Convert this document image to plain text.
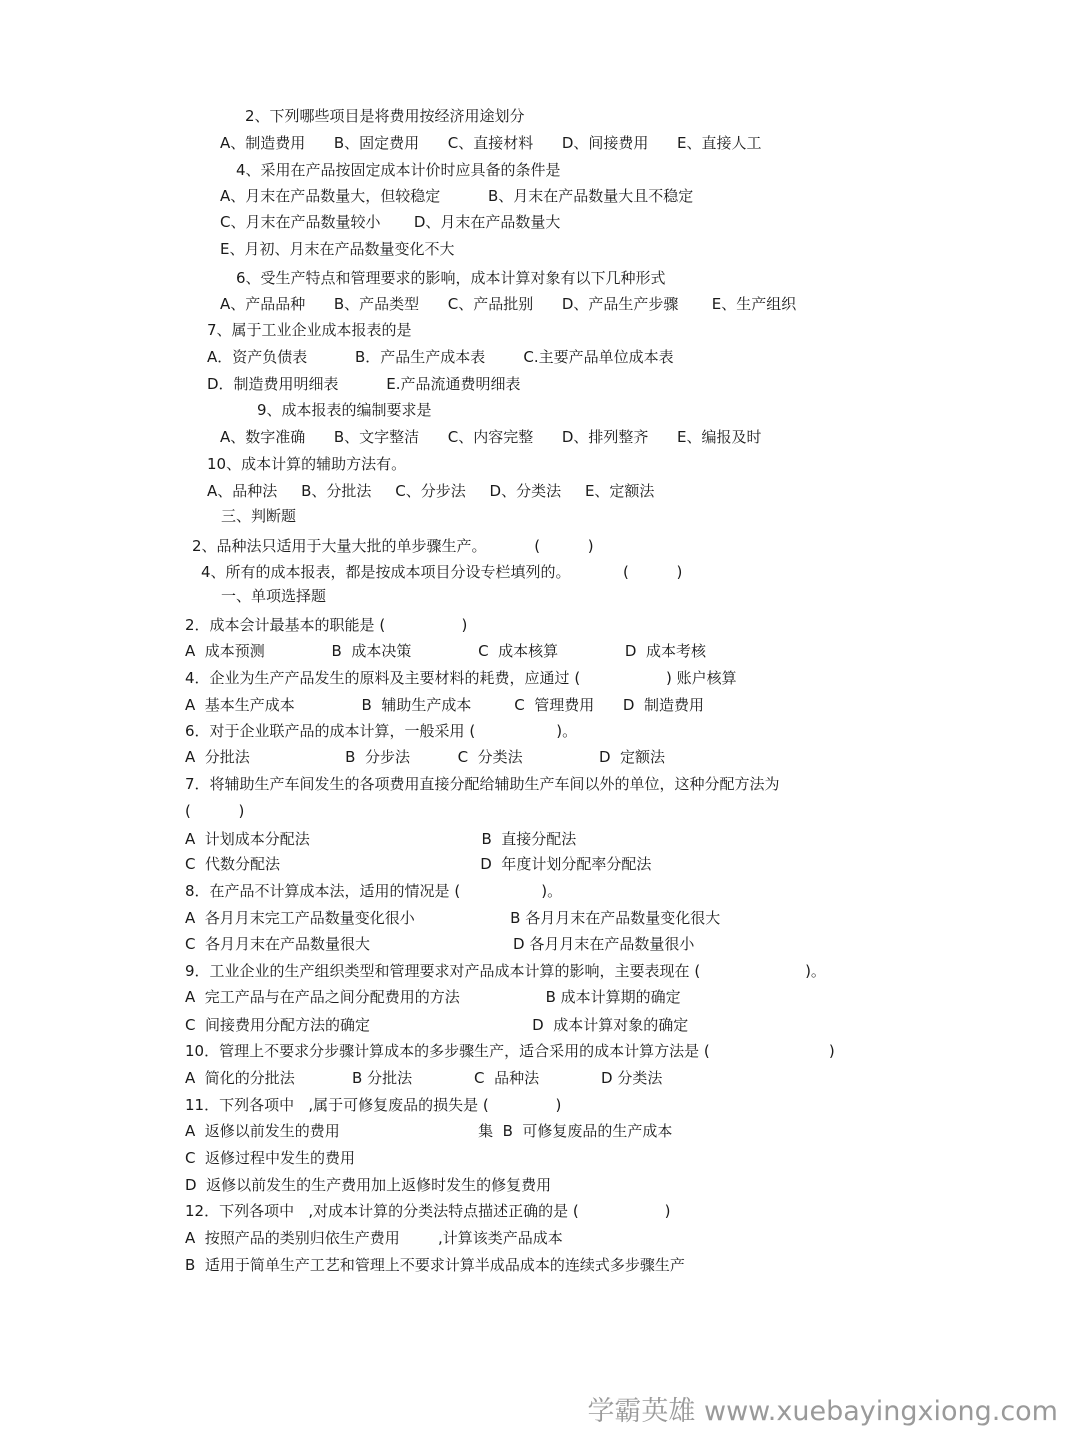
2、下列哪些项目是将费用按经济用途划分
A、制造费用      B、固定费用      C、直接材料      D、间接费用      E、直接人工
4、采用在产品按固定成本计价时应具备的条件是
A、月末在产品数量大，但较稳定          B、月末在产品数量大且不稳定
C、月末在产品数量较小       D、月末在产品数量大
E、月初、月末在产品数量变化不大
6、受生产特点和管理要求的影响，成本计算对象有以下几种形式
A、产品品种      B、产品类型      C、产品批别      D、产品生产步骤       E、生产组织
7、属于工业企业成本报表的是
A．资产负债表          B．产品生产成本表        C.主要产品单位成本表
D．制造费用明细表          E.产品流通费明细表
9、成本报表的编制要求是
A、数字准确      B、文字整洁      C、内容完整      D、排列整齐      E、编报及时
10、成本计算的辅助方法有。
A、品种法     B、分批法     C、分步法     D、分类法     E、定额法
三、判断题
2、品种法只适用于大量大批的单步骤生产。          (          )
4、所有的成本报表，都是按成本项目分设专栏填列的。           (          )
一、单项选择题
2．成本会计最基本的职能是 (                )
A  成本预测              B  成本决策              C  成本核算              D  成本考核
4．企业为生产产品发生的原料及主要材料的耗费，应通过 (                  ) 账户核算
A  基本生产成本              B  辅助生产成本         C  管理费用      D  制造费用
6．对于企业联产品的成本计算，一般采用 (                 )。
A  分批法                    B  分步法          C  分类法                D  定额法
7．将辅助生产车间发生的各项费用直接分配给辅助生产车间以外的单位，这种分配方法为
(          )
A  计划成本分配法                                    B  直接分配法
C  代数分配法                                          D  年度计划分配率分配法
8．在产品不计算成本法，适用的情况是 (                 )。
A  各月月末完工产品数量变化很小                    B 各月月末在产品数量变化很大
C  各月月末在产品数量很大                              D 各月月末在产品数量很小
9．工业企业的生产组织类型和管理要求对产品成本计算的影响，主要表现在 (                      )。
A  完工产品与在产品之间分配费用的方法                  B 成本计算期的确定
C  间接费用分配方法的确定                                  D  成本计算对象的确定
10．管理上不要求分步骤计算成本的多步骤生产，适合采用的成本计算方法是 (                         )
A  简化的分批法            B 分批法             C  品种法             D 分类法
11．下列各项中   ,属于可修复废品的损失是 (              )
A  返修以前发生的费用                             集  B  可修复废品的生产成本
C  返修过程中发生的费用
D  返修以前发生的生产费用加上返修时发生的修复费用
12．下列各项中   ,对成本计算的分类法特点描述正确的是 (                  )
A  按照产品的类别归依生产费用        ,计算该类产品成本
B  适用于简单生产工艺和管理上不要求计算半成品成本的连续式多步骤生产
学霸英雄 www.xuebayingxiong.com
